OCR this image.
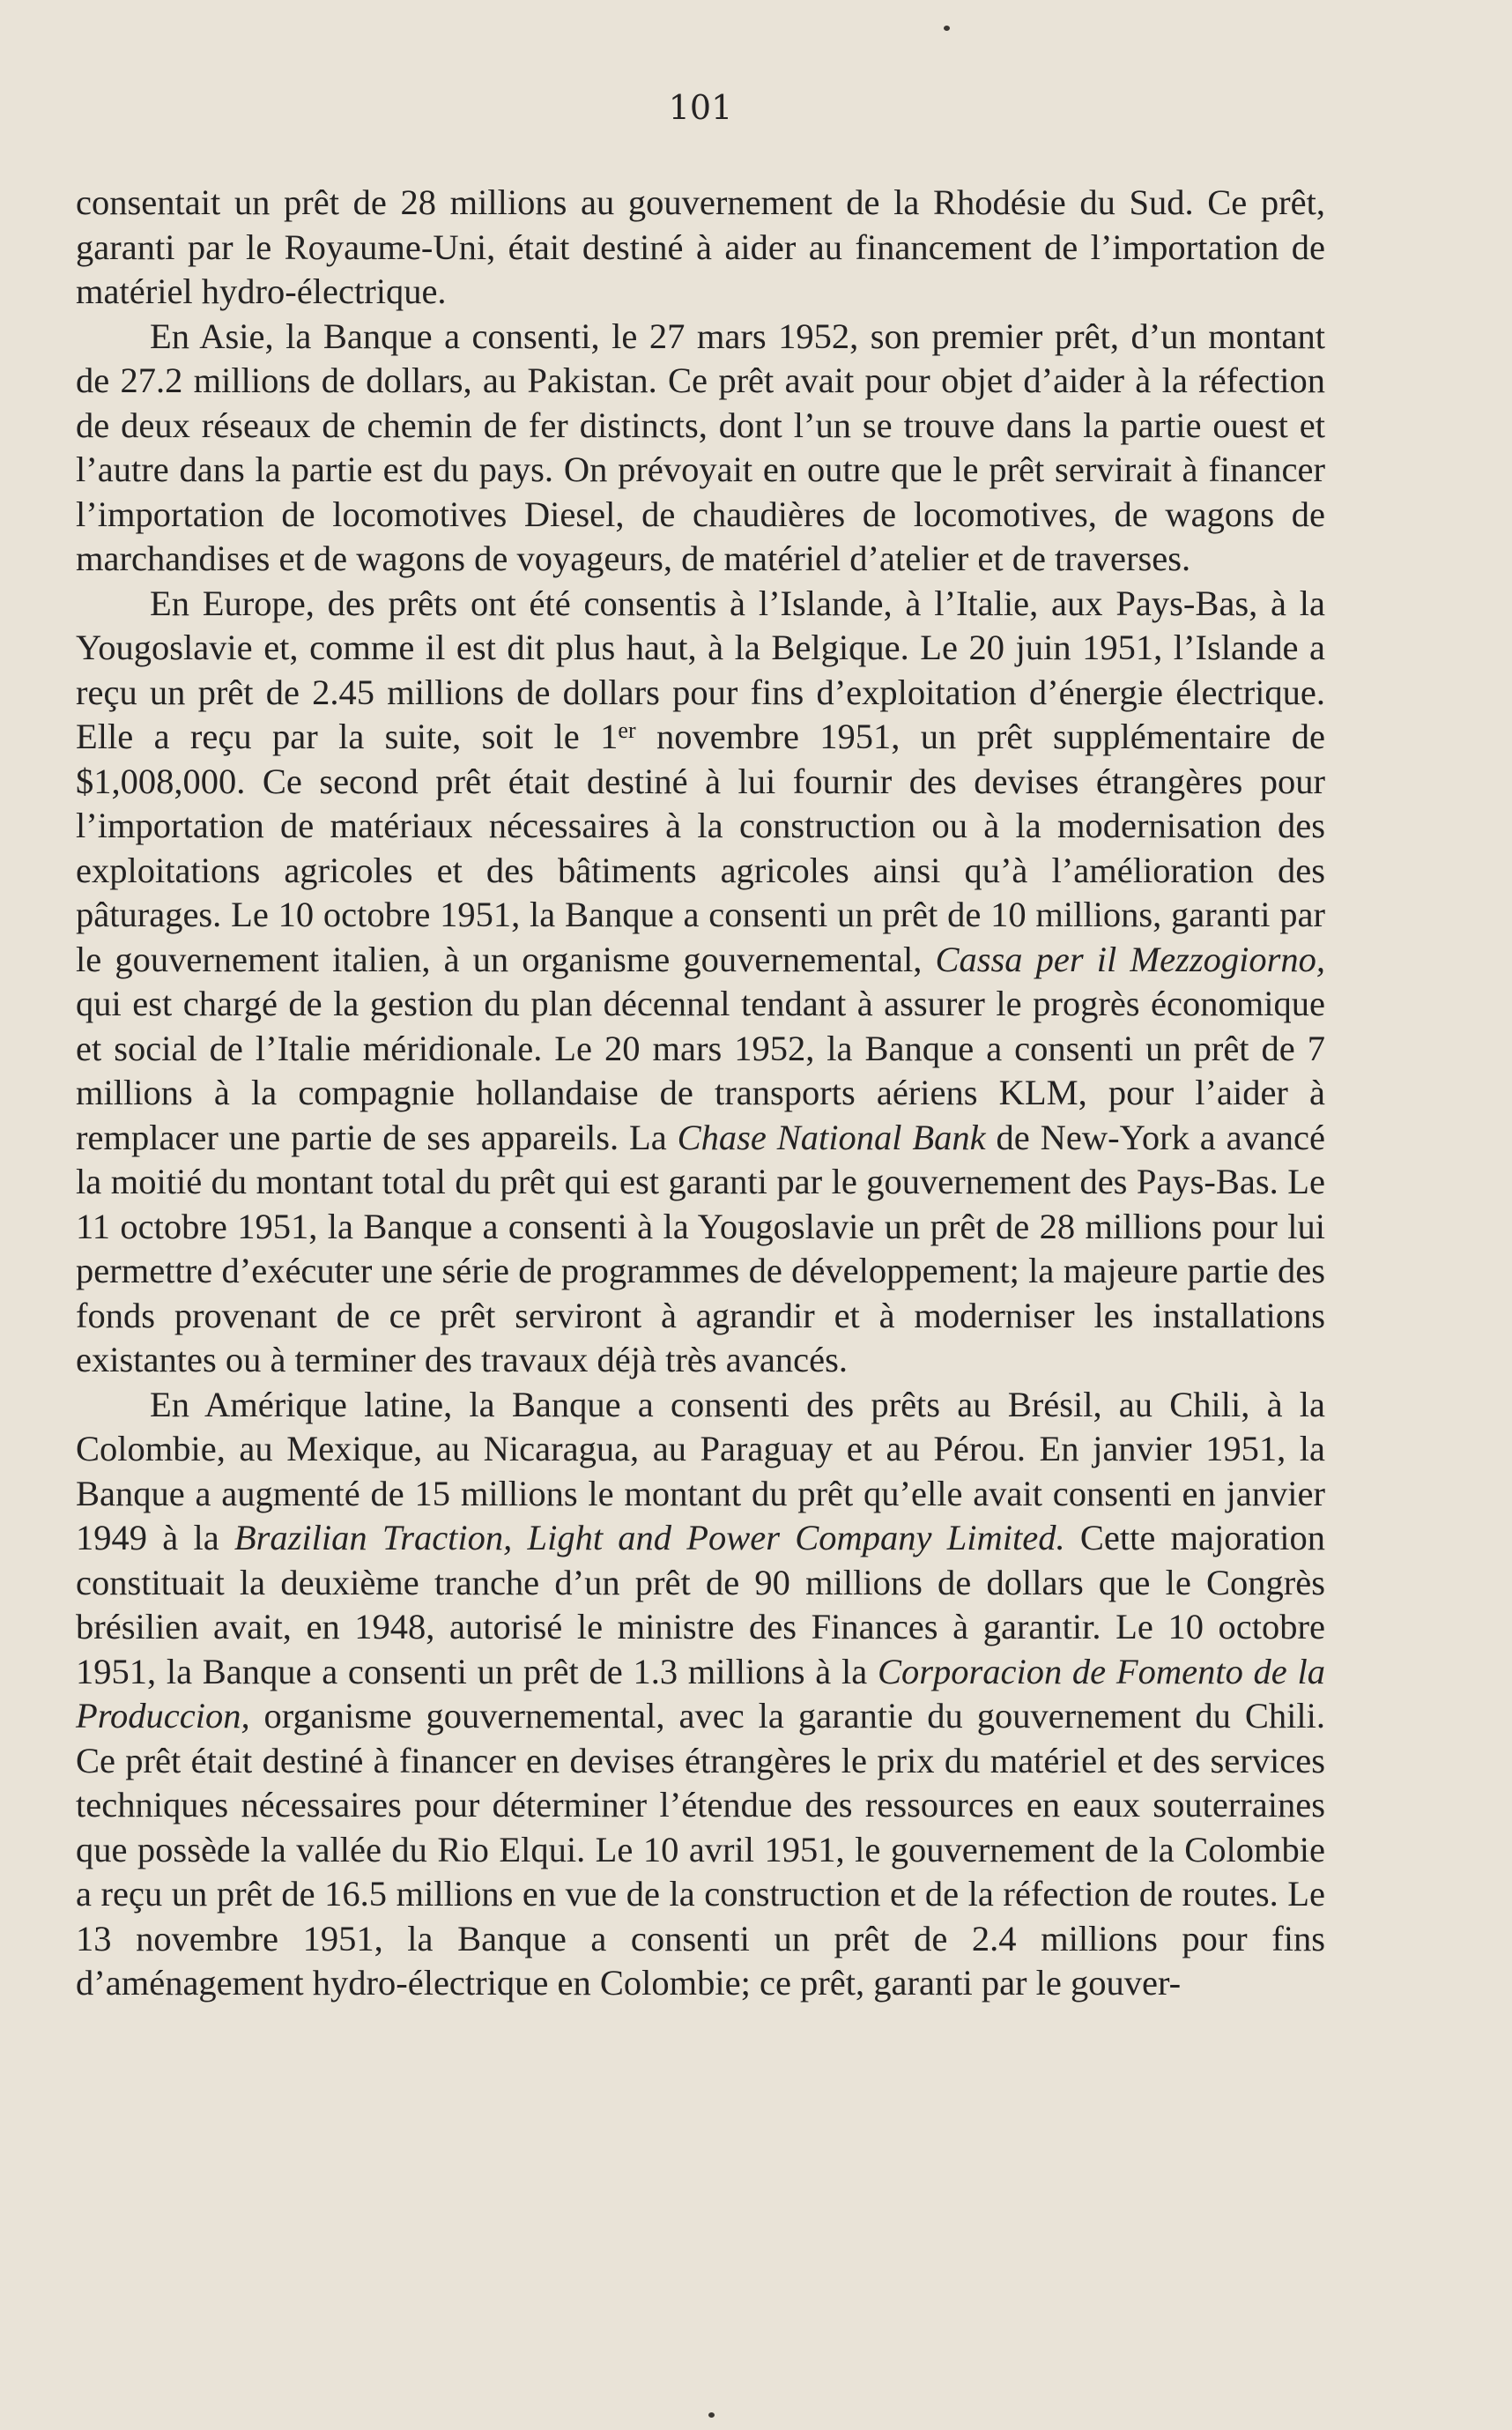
101

consentait un prêt de 28 millions au gouvernement de la Rhodésie du Sud. Ce prêt, garanti par le Royaume-Uni, était destiné à aider au financement de l’importation de matériel hydro-électrique.

En Asie, la Banque a consenti, le 27 mars 1952, son premier prêt, d’un montant de 27.2 millions de dollars, au Pakistan. Ce prêt avait pour objet d’aider à la réfection de deux réseaux de chemin de fer distincts, dont l’un se trouve dans la partie ouest et l’autre dans la partie est du pays. On prévoyait en outre que le prêt servirait à financer l’importation de locomotives Diesel, de chaudières de locomotives, de wagons de marchandises et de wagons de voyageurs, de matériel d’atelier et de traverses.

En Europe, des prêts ont été consentis à l’Islande, à l’Italie, aux Pays-Bas, à la Yougoslavie et, comme il est dit plus haut, à la Belgique. Le 20 juin 1951, l’Islande a reçu un prêt de 2.45 millions de dollars pour fins d’exploitation d’énergie électrique. Elle a reçu par la suite, soit le 1er novembre 1951, un prêt supplémentaire de $1,008,000. Ce second prêt était destiné à lui fournir des devises étrangères pour l’importation de matériaux nécessaires à la construction ou à la modernisation des exploitations agricoles et des bâtiments agricoles ainsi qu’à l’amélioration des pâturages. Le 10 octobre 1951, la Banque a consenti un prêt de 10 millions, garanti par le gouvernement italien, à un organisme gouvernemental, Cassa per il Mezzogiorno, qui est chargé de la gestion du plan décennal tendant à assurer le progrès économique et social de l’Italie méridionale. Le 20 mars 1952, la Banque a consenti un prêt de 7 millions à la compagnie hollandaise de transports aériens KLM, pour l’aider à remplacer une partie de ses appareils. La Chase National Bank de New-York a avancé la moitié du montant total du prêt qui est garanti par le gouvernement des Pays-Bas. Le 11 octobre 1951, la Banque a consenti à la Yougoslavie un prêt de 28 millions pour lui permettre d’exécuter une série de programmes de développement; la majeure partie des fonds provenant de ce prêt serviront à agrandir et à moderniser les installations existantes ou à terminer des travaux déjà très avancés.

En Amérique latine, la Banque a consenti des prêts au Brésil, au Chili, à la Colombie, au Mexique, au Nicaragua, au Paraguay et au Pérou. En janvier 1951, la Banque a augmenté de 15 millions le montant du prêt qu’elle avait consenti en janvier 1949 à la Brazilian Traction, Light and Power Company Limited. Cette majoration constituait la deuxième tranche d’un prêt de 90 millions de dollars que le Congrès brésilien avait, en 1948, autorisé le ministre des Finances à garantir. Le 10 octobre 1951, la Banque a consenti un prêt de 1.3 millions à la Corporacion de Fomento de la Produccion, organisme gouvernemental, avec la garantie du gouvernement du Chili. Ce prêt était destiné à financer en devises étrangères le prix du matériel et des services techniques nécessaires pour déterminer l’étendue des ressources en eaux souterraines que possède la vallée du Rio Elqui. Le 10 avril 1951, le gouvernement de la Colombie a reçu un prêt de 16.5 millions en vue de la construction et de la réfection de routes. Le 13 novembre 1951, la Banque a consenti un prêt de 2.4 millions pour fins d’aménagement hydro-électrique en Colombie; ce prêt, garanti par le gouver-
